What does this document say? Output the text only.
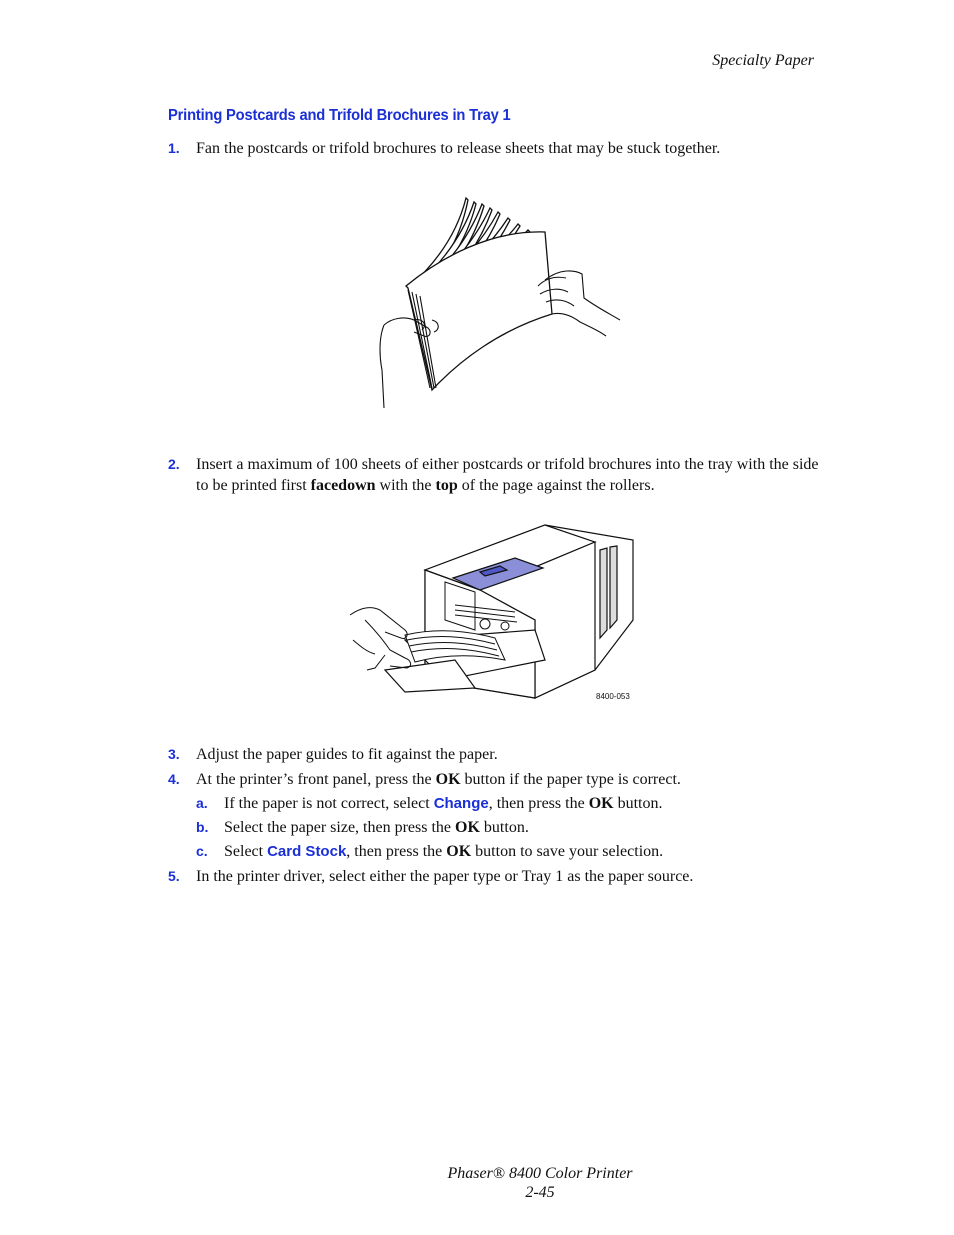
Specialty Paper
Printing Postcards and Trifold Brochures in Tray 1
1. Fan the postcards or trifold brochures to release sheets that may be stuck together.
2. Insert a maximum of 100 sheets of either postcards or trifold brochures into the tray with the side to be printed first facedown with the top of the page against the rollers.
8400-053
3. Adjust the paper guides to fit against the paper.
4. At the printer’s front panel, press the OK button if the paper type is correct.
a. If the paper is not correct, select Change, then press the OK button.
b. Select the paper size, then press the OK button.
c. Select Card Stock, then press the OK button to save your selection.
5. In the printer driver, select either the paper type or Tray 1 as the paper source.
Phaser® 8400 Color Printer
2-45
